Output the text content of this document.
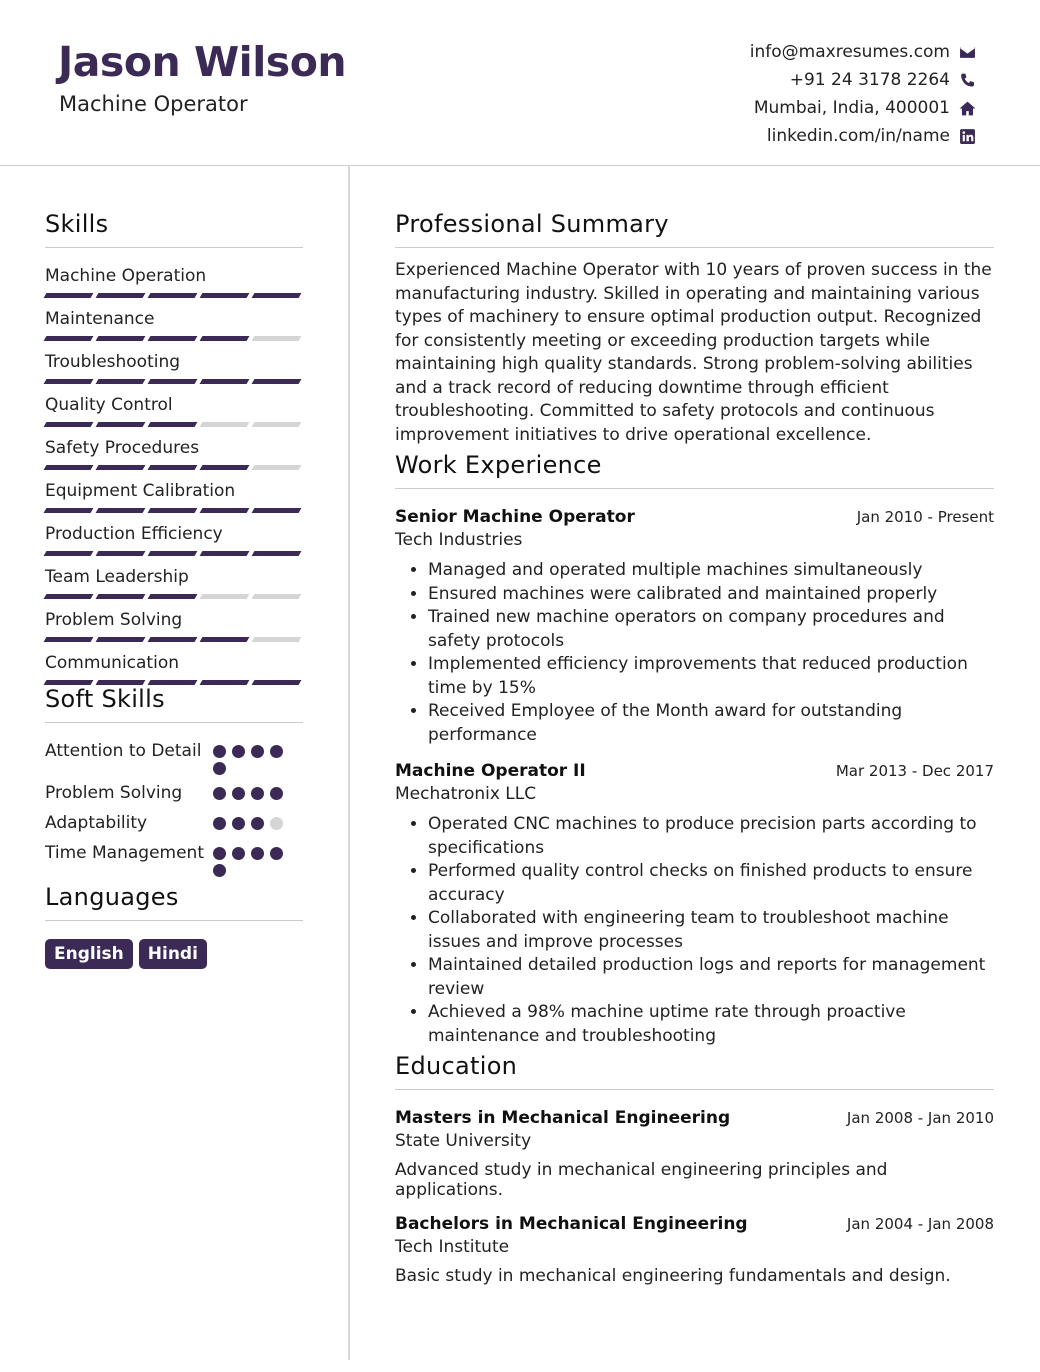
Jason Wilson
Machine Operator
info@maxresumes.com
+91 24 3178 2264
Mumbai, India, 400001
linkedin.com/in/name
Skills
Machine Operation
Maintenance
Troubleshooting
Quality Control
Safety Procedures
Equipment Calibration
Production Efficiency
Team Leadership
Problem Solving
Communication
Soft Skills
Attention to Detail
Problem Solving
Adaptability
Time Management
Languages
English	Hindi
Professional Summary

Experienced Machine Operator with 10 years of proven success in the manufacturing industry. Skilled in operating and maintaining various types of machinery to ensure optimal production output. Recognized for consistently meeting or exceeding production targets while maintaining high quality standards. Strong problem-solving abilities and a track record of reducing downtime through efficient troubleshooting. Committed to safety protocols and continuous improvement initiatives to drive operational excellence.

Work Experience
Senior Machine Operator	Jan 2010 - Present
Tech Industries
• Managed and operated multiple machines simultaneously
• Ensured machines were calibrated and maintained properly
• Trained new machine operators on company procedures and safety protocols
• Implemented efficiency improvements that reduced production time by 15%
• Received Employee of the Month award for outstanding performance
Machine Operator II	Mar 2013 - Dec 2017
Mechatronix LLC
• Operated CNC machines to produce precision parts according to specifications
• Performed quality control checks on finished products to ensure accuracy
• Collaborated with engineering team to troubleshoot machine issues and improve processes
• Maintained detailed production logs and reports for management review
• Achieved a 98% machine uptime rate through proactive maintenance and troubleshooting
Education
Masters in Mechanical Engineering	Jan 2008 - Jan 2010
State University
Advanced study in mechanical engineering principles and applications.
Bachelors in Mechanical Engineering	Jan 2004 - Jan 2008
Tech Institute
Basic study in mechanical engineering fundamentals and design.
